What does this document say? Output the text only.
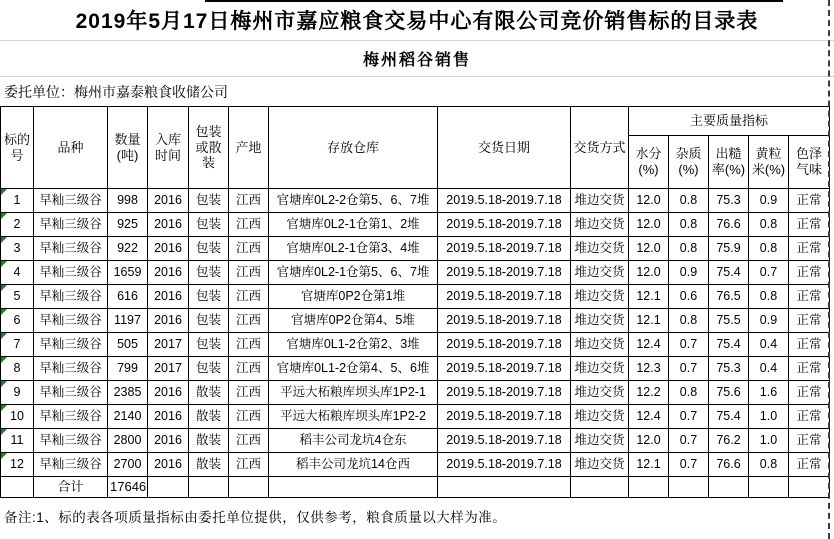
2019年5月17日梅州市嘉应粮食交易中心有限公司竞价销售标的目录表
梅州稻谷销售
委托单位：梅州市嘉泰粮食收储公司
标的号	品种	数量(吨)	入库时间	包装或散装	产地	存放仓库	交货日期	交货方式	主要质量指标				
									水分(%)	杂质(%)	出糙率(%)	黄粒米(%)	色泽气味

1	早籼三级谷	998	2016	包装	江西	官塘库0L2-2仓第5、6、7堆	2019.5.18-2019.7.18	堆边交货	12.0	0.8	75.3	0.9	正常

2	早籼三级谷	925	2016	包装	江西	官塘库0L2-1仓第1、2堆	2019.5.18-2019.7.18	堆边交货	12.0	0.8	76.6	0.8	正常

3	早籼三级谷	922	2016	包装	江西	官塘库0L2-1仓第3、4堆	2019.5.18-2019.7.18	堆边交货	12.0	0.8	75.9	0.8	正常

4	早籼三级谷	1659	2016	包装	江西	官塘库0L2-1仓第5、6、7堆	2019.5.18-2019.7.18	堆边交货	12.0	0.9	75.4	0.7	正常

5	早籼三级谷	616	2016	包装	江西	官塘库0P2仓第1堆	2019.5.18-2019.7.18	堆边交货	12.1	0.6	76.5	0.8	正常

6	早籼三级谷	1197	2016	包装	江西	官塘库0P2仓第4、5堆	2019.5.18-2019.7.18	堆边交货	12.1	0.8	75.5	0.9	正常

7	早籼三级谷	505	2017	包装	江西	官塘库0L1-2仓第2、3堆	2019.5.18-2019.7.18	堆边交货	12.4	0.7	75.4	0.4	正常

8	早籼三级谷	799	2017	包装	江西	官塘库0L1-2仓第4、5、6堆	2019.5.18-2019.7.18	堆边交货	12.3	0.7	75.3	0.4	正常

9	早籼三级谷	2385	2016	散装	江西	平远大柘粮库坝头库1P2-1	2019.5.18-2019.7.18	堆边交货	12.2	0.8	75.6	1.6	正常

10	早籼三级谷	2140	2016	散装	江西	平远大柘粮库坝头库1P2-2	2019.5.18-2019.7.18	堆边交货	12.4	0.7	75.4	1.0	正常

11	早籼三级谷	2800	2016	散装	江西	稻丰公司龙坑4仓东	2019.5.18-2019.7.18	堆边交货	12.0	0.7	76.2	1.0	正常

12	早籼三级谷	2700	2016	散装	江西	稻丰公司龙坑14仓西	2019.5.18-2019.7.18	堆边交货	12.1	0.7	76.6	0.8	正常
	合计	17646											
备注:1、标的表各项质量指标由委托单位提供，仅供参考，粮食质量以大样为准。
